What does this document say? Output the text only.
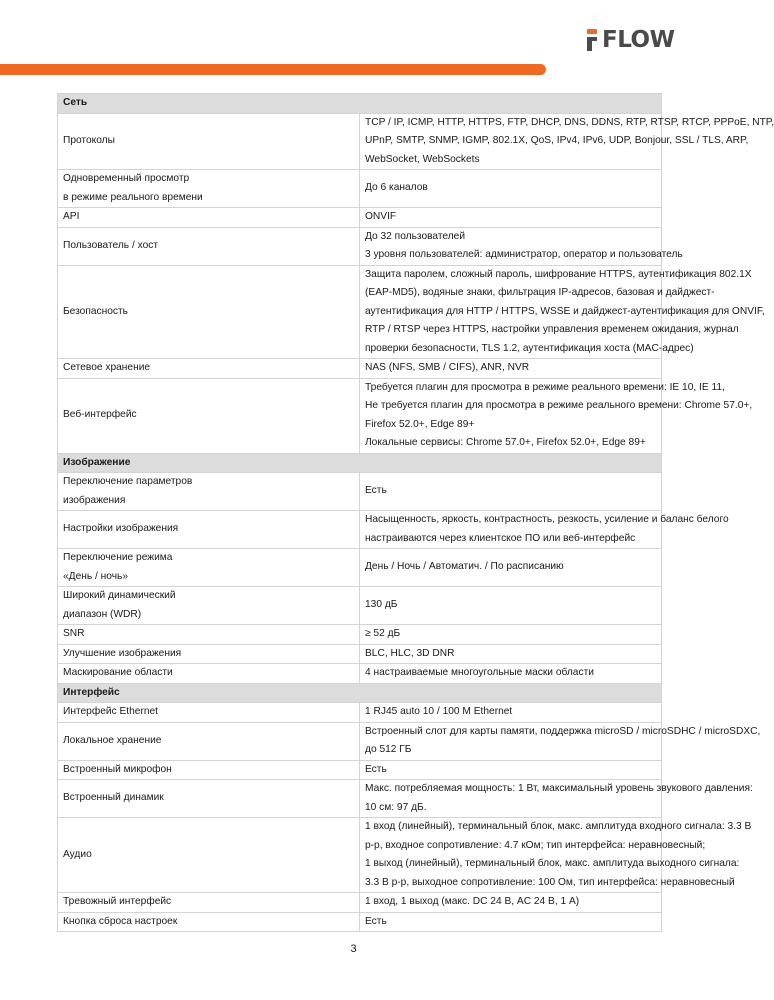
FLOW
Сеть	

Протоколы	TCP / IP, ICMP, HTTP, HTTPS, FTP, DHCP, DNS, DDNS, RTP, RTSP, RTCP, PPPoE, NTP,
UPnP, SMTP, SNMP, IGMP, 802.1X, QoS, IPv4, IPv6, UDP, Bonjour, SSL / TLS, ARP,
WebSocket, WebSockets

Одновременный просмотр
в режиме реального времени	До 6 каналов

API	ONVIF

Пользователь / хост	До 32 пользователей
3 уровня пользователей: администратор, оператор и пользователь

Безопасность	Защита паролем, сложный пароль, шифрование HTTPS, аутентификация 802.1X
(EAP-MD5), водяные знаки, фильтрация IP-адресов, базовая и дайджест-
аутентификация для HTTP / HTTPS, WSSE и дайджест-аутентификация для ONVIF,
RTP / RTSP через HTTPS, настройки управления временем ожидания, журнал
проверки безопасности, TLS 1.2, аутентификация хоста (MAC-адрес)

Сетевое хранение	NAS (NFS, SMB / CIFS), ANR, NVR

Веб-интерфейс	Требуется плагин для просмотра в режиме реального времени: IE 10, IE 11,
Не требуется плагин для просмотра в режиме реального времени: Chrome 57.0+,
Firefox 52.0+, Edge 89+
Локальные сервисы: Chrome 57.0+, Firefox 52.0+, Edge 89+

Изображение	

Переключение параметров
изображения	Есть

Настройки изображения	Насыщенность, яркость, контрастность, резкость, усиление и баланс белого
настраиваются через клиентское ПО или веб-интерфейс

Переключение режима
«День / ночь»	День / Ночь / Автоматич. / По расписанию

Широкий динамический
диапазон (WDR)	130 дБ

SNR	≥ 52 дБ

Улучшение изображения	BLC, HLC, 3D DNR

Маскирование области	4 настраиваемые многоугольные маски области

Интерфейс	

Интерфейс Ethernet	1 RJ45 auto 10 / 100 M Ethernet

Локальное хранение	Встроенный слот для карты памяти, поддержка microSD / microSDHC / microSDXC,
до 512 ГБ

Встроенный микрофон	Есть

Встроенный динамик	Макс. потребляемая мощность: 1 Вт, максимальный уровень звукового давления:
10 см: 97 дБ.

Аудио	1 вход (линейный), терминальный блок, макс. амплитуда входного сигнала: 3.3 В
p-p, входное сопротивление: 4.7 кОм; тип интерфейса: неравновесный;
1 выход (линейный), терминальный блок, макс. амплитуда выходного сигнала:
3.3 В p-p, выходное сопротивление: 100 Ом, тип интерфейса: неравновесный

Тревожный интерфейс	1 вход, 1 выход (макс. DC 24 В, AC 24 В, 1 А)

Кнопка сброса настроек	Есть
3
